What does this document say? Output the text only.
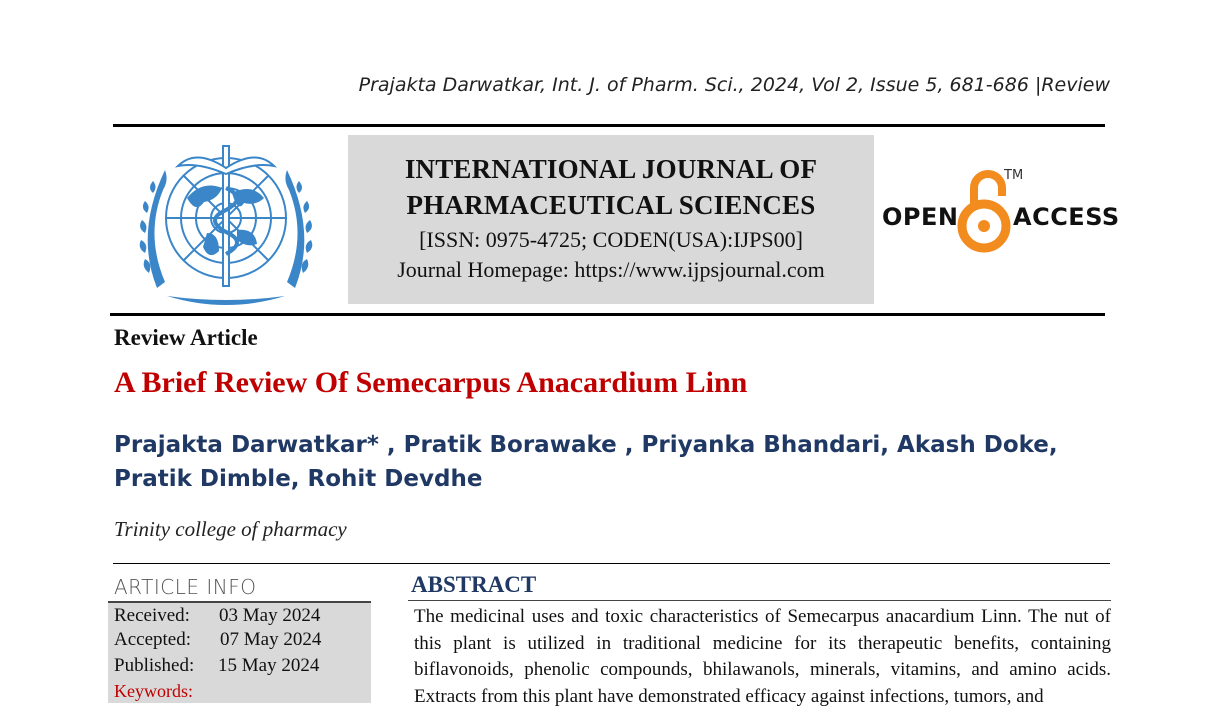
Prajakta Darwatkar, Int. J. of Pharm. Sci., 2024, Vol 2, Issue 5, 681-686 |Review
INTERNATIONAL JOURNAL OF
PHARMACEUTICAL SCIENCES
[ISSN: 0975-4725; CODEN(USA):IJPS00]
Journal Homepage: https://www.ijpsjournal.com
OPEN
TM
ACCESS
Review Article
A Brief Review Of Semecarpus Anacardium Linn
Prajakta Darwatkar* , Pratik Borawake , Priyanka Bhandari, Akash Doke, Pratik Dimble, Rohit Devdhe
Trinity college of pharmacy
ARTICLE INFO
Received: 03 May 2024
Accepted: 07 May 2024
Published: 15 May 2024
Keywords:
ABSTRACT
The medicinal uses and toxic characteristics of Semecarpus anacardium Linn. The nut of this plant is utilized in traditional medicine for its therapeutic benefits, containing biflavonoids, phenolic compounds, bhilawanols, minerals, vitamins, and amino acids. Extracts from this plant have demonstrated efficacy against infections, tumors, and
